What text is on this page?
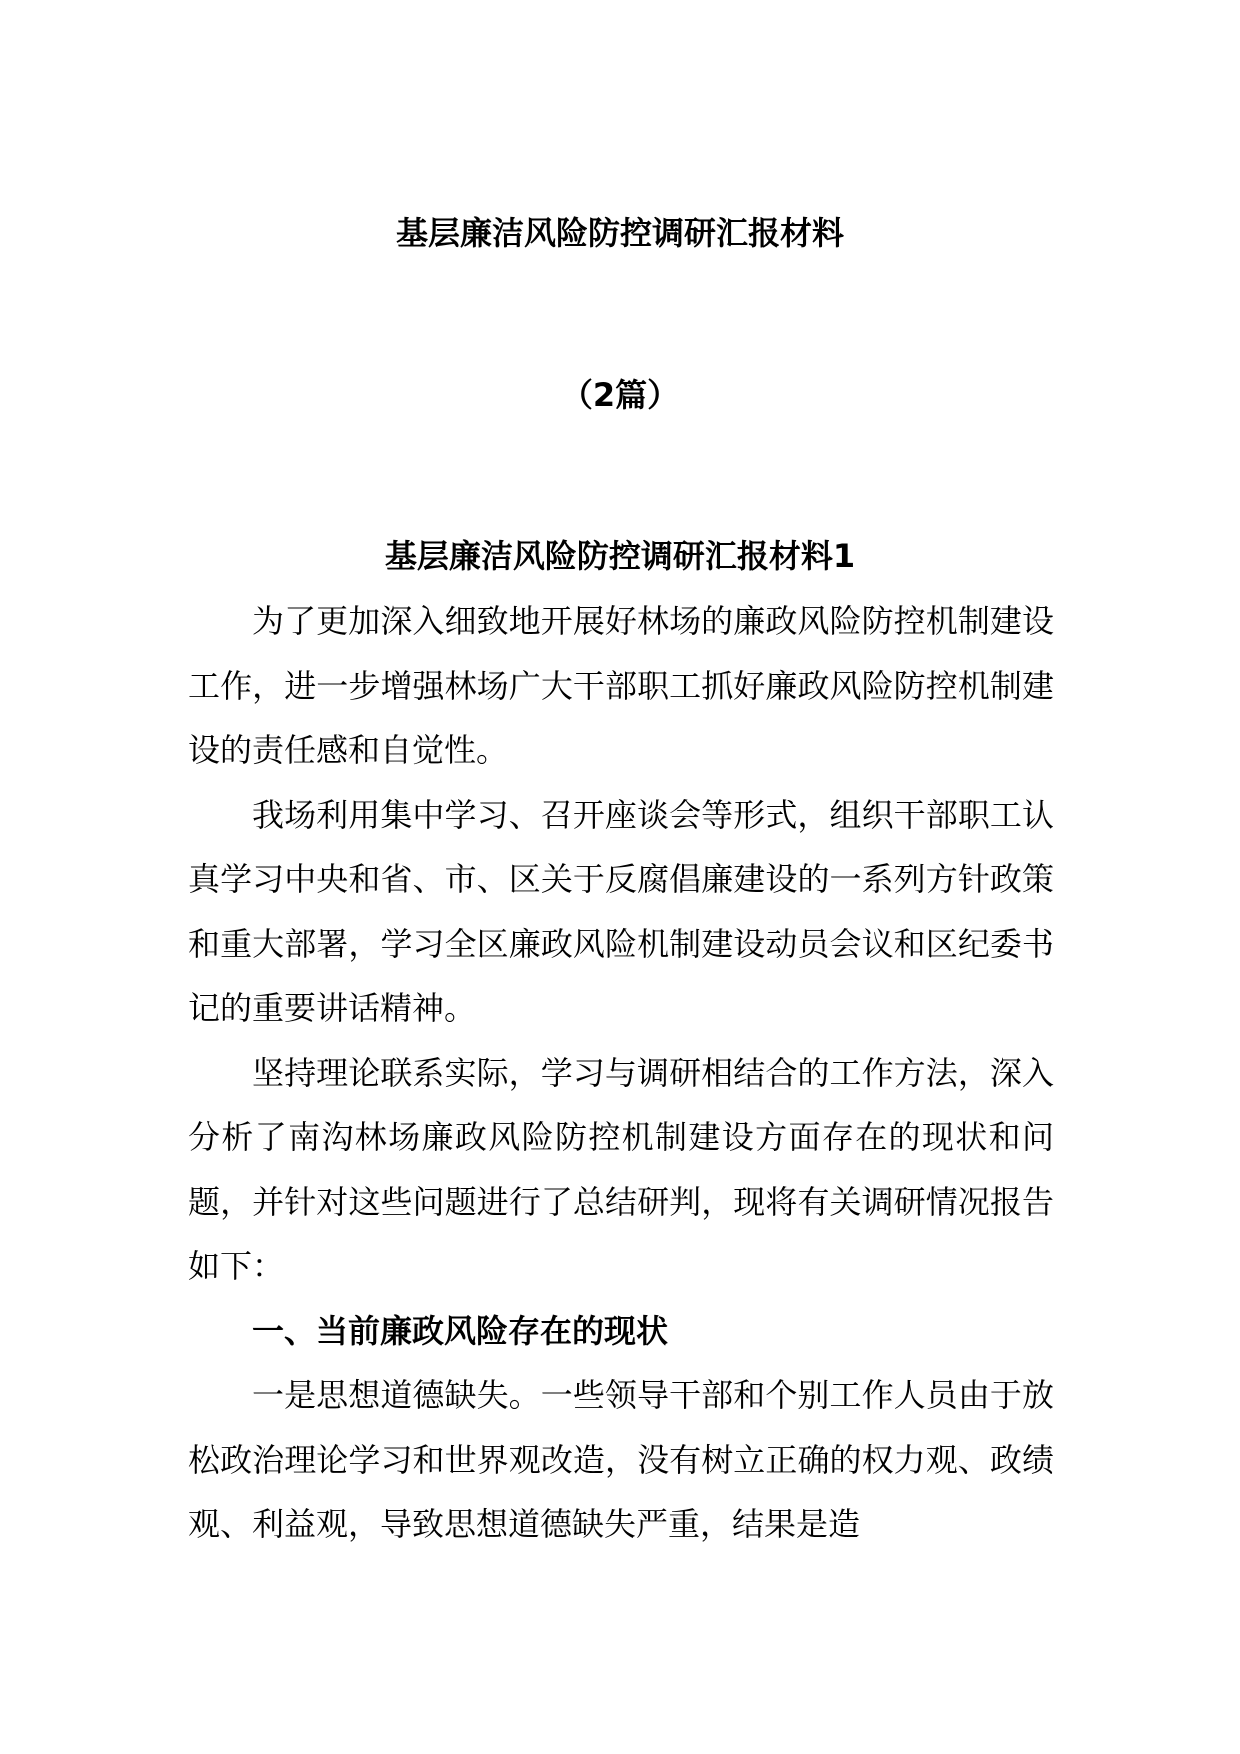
基层廉洁风险防控调研汇报材料
（2篇）
基层廉洁风险防控调研汇报材料1

为了更加深入细致地开展好林场的廉政风险防控机制建设工作，进一步增强林场广大干部职工抓好廉政风险防控机制建设的责任感和自觉性。

我场利用集中学习、召开座谈会等形式，组织干部职工认真学习中央和省、市、区关于反腐倡廉建设的一系列方针政策和重大部署，学习全区廉政风险机制建设动员会议和区纪委书记的重要讲话精神。

坚持理论联系实际，学习与调研相结合的工作方法，深入分析了南沟林场廉政风险防控机制建设方面存在的现状和问题，并针对这些问题进行了总结研判，现将有关调研情况报告如下：

一、当前廉政风险存在的现状

一是思想道德缺失。一些领导干部和个别工作人员由于放松政治理论学习和世界观改造，没有树立正确的权力观、政绩观、利益观，导致思想道德缺失严重，结果是造
